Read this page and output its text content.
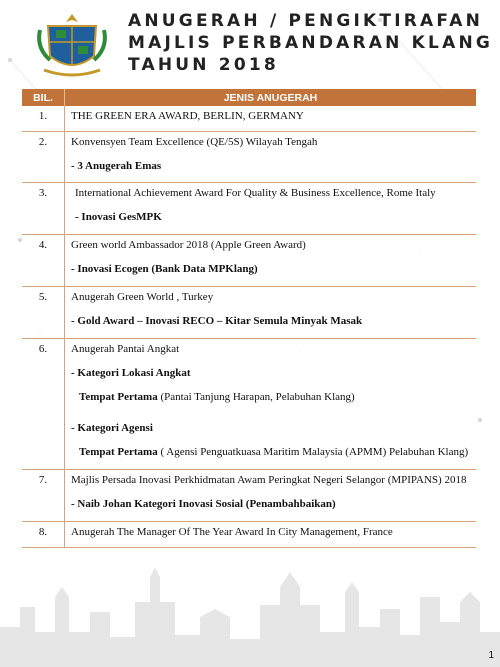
ANUGERAH / PENGIKTIRAFAN
MAJLIS PERBANDARAN KLANG
TAHUN 2018
BIL.	JENIS ANUGERAH
1.	THE GREEN ERA AWARD, BERLIN, GERMANY

2.	Konvensyen Team Excellence (QE/5S) Wilayah Tengah
- 3 Anugerah Emas

3.	International Achievement Award For Quality & Business Excellence, Rome Italy
- Inovasi GesMPK

4.	Green world Ambassador 2018 (Apple Green Award)
- Inovasi Ecogen (Bank Data MPKlang)

5.	Anugerah Green World , Turkey
- Gold Award – Inovasi RECO – Kitar Semula Minyak Masak

6.	Anugerah Pantai Angkat
- Kategori Lokasi Angkat
Tempat Pertama (Pantai Tanjung Harapan, Pelabuhan Klang)
- Kategori Agensi
Tempat Pertama ( Agensi Penguatkuasa Maritim Malaysia (APMM) Pelabuhan Klang)

7.	Majlis Persada Inovasi Perkhidmatan Awam Peringkat Negeri Selangor (MPIPANS) 2018
- Naib Johan Kategori Inovasi Sosial (Penambahbaikan)

8.	Anugerah The Manager Of The Year Award In City Management, France
1
